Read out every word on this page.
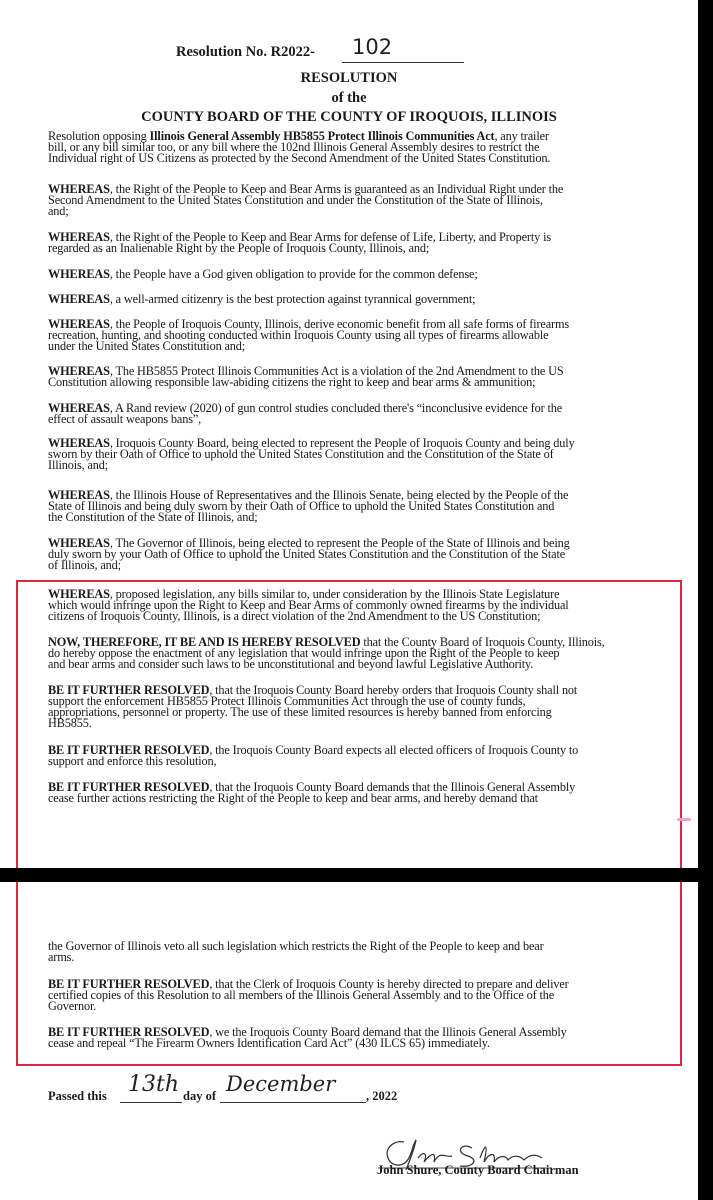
Resolution No. R2022- 102
RESOLUTION
of the
COUNTY BOARD OF THE COUNTY OF IROQUOIS, ILLINOIS
Resolution opposing Illinois General Assembly HB5855 Protect Illinois Communities Act, any trailer
bill, or any bill similar too, or any bill where the 102nd Illinois General Assembly desires to restrict the
Individual right of US Citizens as protected by the Second Amendment of the United States Constitution.
WHEREAS, the Right of the People to Keep and Bear Arms is guaranteed as an Individual Right under the
Second Amendment to the United States Constitution and under the Constitution of the State of Illinois,
and;
WHEREAS, the Right of the People to Keep and Bear Arms for defense of Life, Liberty, and Property is
regarded as an Inalienable Right by the People of Iroquois County, Illinois, and;
WHEREAS, the People have a God given obligation to provide for the common defense;
WHEREAS, a well-armed citizenry is the best protection against tyrannical government;
WHEREAS, the People of Iroquois County, Illinois, derive economic benefit from all safe forms of firearms
recreation, hunting, and shooting conducted within Iroquois County using all types of firearms allowable
under the United States Constitution and;
WHEREAS, The HB5855 Protect Illinois Communities Act is a violation of the 2nd Amendment to the US
Constitution allowing responsible law-abiding citizens the right to keep and bear arms & ammunition;
WHEREAS, A Rand review (2020) of gun control studies concluded there's “inconclusive evidence for the
effect of assault weapons bans”,
WHEREAS, Iroquois County Board, being elected to represent the People of Iroquois County and being duly
sworn by their Oath of Office to uphold the United States Constitution and the Constitution of the State of
Illinois, and;
WHEREAS, the Illinois House of Representatives and the Illinois Senate, being elected by the People of the
State of Illinois and being duly sworn by their Oath of Office to uphold the United States Constitution and
the Constitution of the State of Illinois, and;
WHEREAS, The Governor of Illinois, being elected to represent the People of the State of Illinois and being
duly sworn by your Oath of Office to uphold the United States Constitution and the Constitution of the State
of Illinois, and;
WHEREAS, proposed legislation, any bills similar to, under consideration by the Illinois State Legislature
which would infringe upon the Right to Keep and Bear Arms of commonly owned firearms by the individual
citizens of Iroquois County, Illinois, is a direct violation of the 2nd Amendment to the US Constitution;
NOW, THEREFORE, IT BE AND IS HEREBY RESOLVED that the County Board of Iroquois County, Illinois,
do hereby oppose the enactment of any legislation that would infringe upon the Right of the People to keep
and bear arms and consider such laws to be unconstitutional and beyond lawful Legislative Authority.
BE IT FURTHER RESOLVED, that the Iroquois County Board hereby orders that Iroquois County shall not
support the enforcement HB5855 Protect Illinois Communities Act through the use of county funds,
appropriations, personnel or property. The use of these limited resources is hereby banned from enforcing
HB5855.
BE IT FURTHER RESOLVED, the Iroquois County Board expects all elected officers of Iroquois County to
support and enforce this resolution,
BE IT FURTHER RESOLVED, that the Iroquois County Board demands that the Illinois General Assembly
cease further actions restricting the Right of the People to keep and bear arms, and hereby demand that
the Governor of Illinois veto all such legislation which restricts the Right of the People to keep and bear
arms.
BE IT FURTHER RESOLVED, that the Clerk of Iroquois County is hereby directed to prepare and deliver
certified copies of this Resolution to all members of the Illinois General Assembly and to the Office of the
Governor.
BE IT FURTHER RESOLVED, we the Iroquois County Board demand that the Illinois General Assembly
cease and repeal “The Firearm Owners Identification Card Act” (430 ILCS 65) immediately.
Passed this 13th day of December , 2022
John Shure, County Board Chairman
